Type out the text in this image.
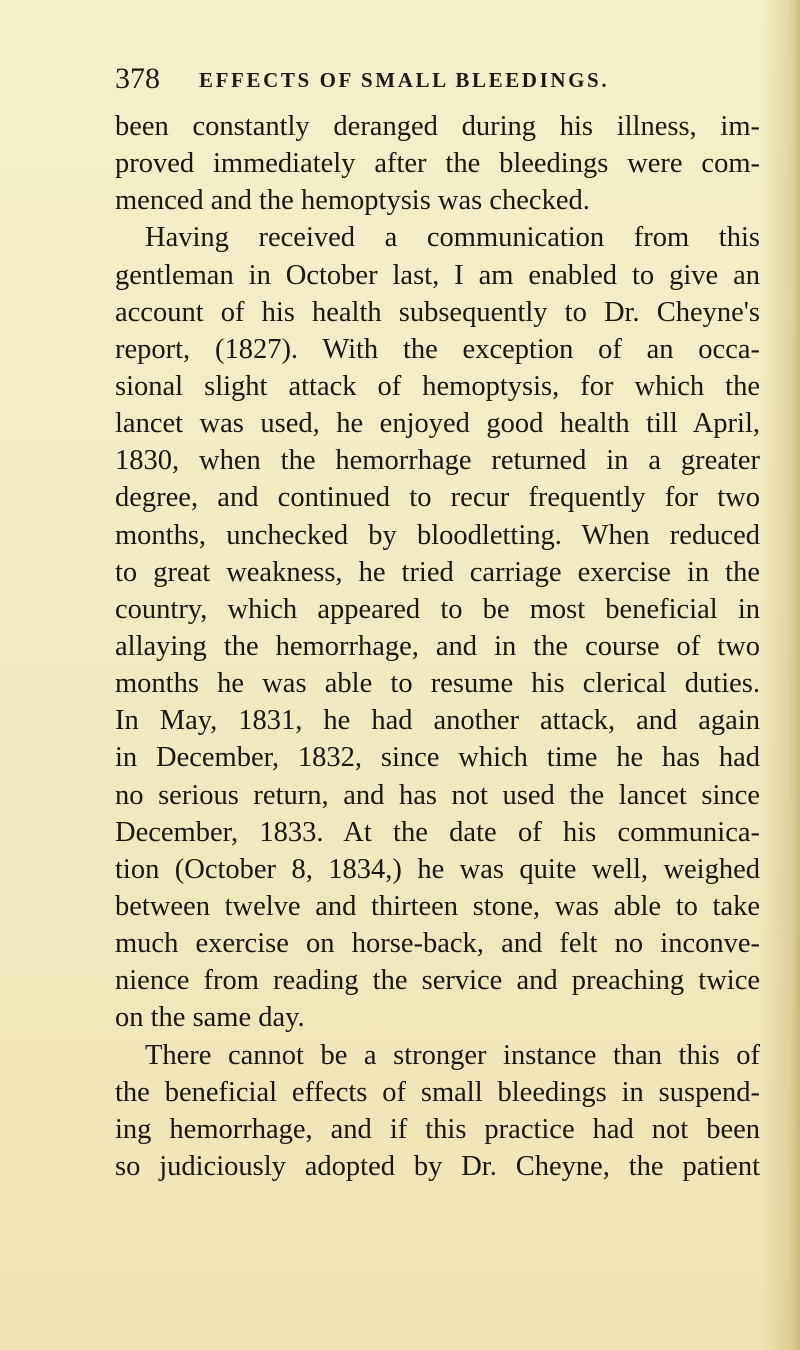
378 EFFECTS OF SMALL BLEEDINGS.
been constantly deranged during his illness, im-
proved immediately after the bleedings were com-
menced and the hemoptysis was checked.
Having received a communication from this
gentleman in October last, I am enabled to give an
account of his health subsequently to Dr. Cheyne's
report, (1827). With the exception of an occa-
sional slight attack of hemoptysis, for which the
lancet was used, he enjoyed good health till April,
1830, when the hemorrhage returned in a greater
degree, and continued to recur frequently for two
months, unchecked by bloodletting. When reduced
to great weakness, he tried carriage exercise in the
country, which appeared to be most beneficial in
allaying the hemorrhage, and in the course of two
months he was able to resume his clerical duties.
In May, 1831, he had another attack, and again
in December, 1832, since which time he has had
no serious return, and has not used the lancet since
December, 1833. At the date of his communica-
tion (October 8, 1834,) he was quite well, weighed
between twelve and thirteen stone, was able to take
much exercise on horse-back, and felt no inconve-
nience from reading the service and preaching twice
on the same day.
There cannot be a stronger instance than this of
the beneficial effects of small bleedings in suspend-
ing hemorrhage, and if this practice had not been
so judiciously adopted by Dr. Cheyne, the patient
